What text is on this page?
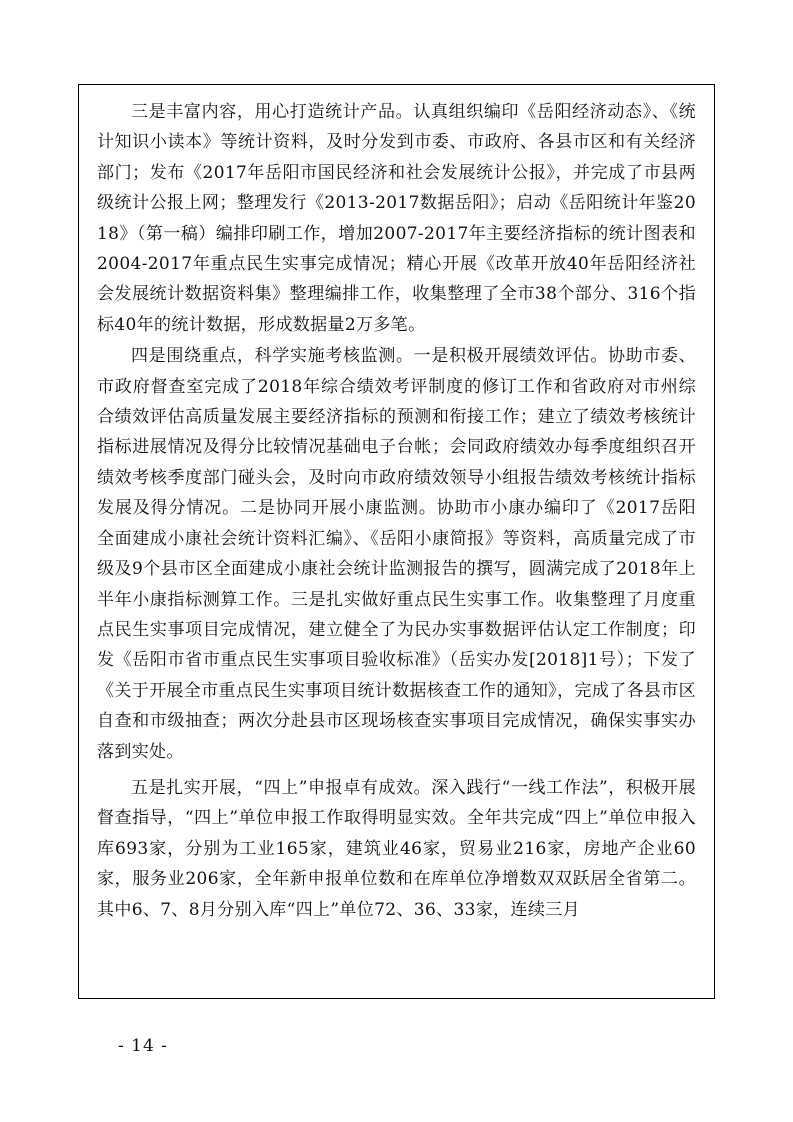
三是丰富内容，用心打造统计产品。认真组织编印《岳阳经济动态》、《统计知识小读本》等统计资料，及时分发到市委、市政府、各县市区和有关经济部门；发布《2017年岳阳市国民经济和社会发展统计公报》，并完成了市县两级统计公报上网；整理发行《2013-2017数据岳阳》；启动《岳阳统计年鉴2018》（第一稿）编排印刷工作，增加2007-2017年主要经济指标的统计图表和2004-2017年重点民生实事完成情况；精心开展《改革开放40年岳阳经济社会发展统计数据资料集》整理编排工作，收集整理了全市38个部分、316个指标40年的统计数据，形成数据量2万多笔。

四是围绕重点，科学实施考核监测。一是积极开展绩效评估。协助市委、市政府督查室完成了2018年综合绩效考评制度的修订工作和省政府对市州综合绩效评估高质量发展主要经济指标的预测和衔接工作；建立了绩效考核统计指标进展情况及得分比较情况基础电子台帐；会同政府绩效办每季度组织召开绩效考核季度部门碰头会，及时向市政府绩效领导小组报告绩效考核统计指标发展及得分情况。二是协同开展小康监测。协助市小康办编印了《2017岳阳全面建成小康社会统计资料汇编》、《岳阳小康简报》等资料，高质量完成了市级及9个县市区全面建成小康社会统计监测报告的撰写，圆满完成了2018年上半年小康指标测算工作。三是扎实做好重点民生实事工作。收集整理了月度重点民生实事项目完成情况，建立健全了为民办实事数据评估认定工作制度；印发《岳阳市省市重点民生实事项目验收标准》（岳实办发[2018]1号）；下发了《关于开展全市重点民生实事项目统计数据核查工作的通知》，完成了各县市区自查和市级抽查；两次分赴县市区现场核查实事项目完成情况，确保实事实办落到实处。

五是扎实开展，“四上”申报卓有成效。深入践行“一线工作法”，积极开展督查指导，“四上”单位申报工作取得明显实效。全年共完成“四上”单位申报入库693家，分别为工业165家，建筑业46家，贸易业216家，房地产企业60家，服务业206家，全年新申报单位数和在库单位净增数双双跃居全省第二。其中6、7、8月分别入库“四上”单位72、36、33家，连续三月

- 14 -
